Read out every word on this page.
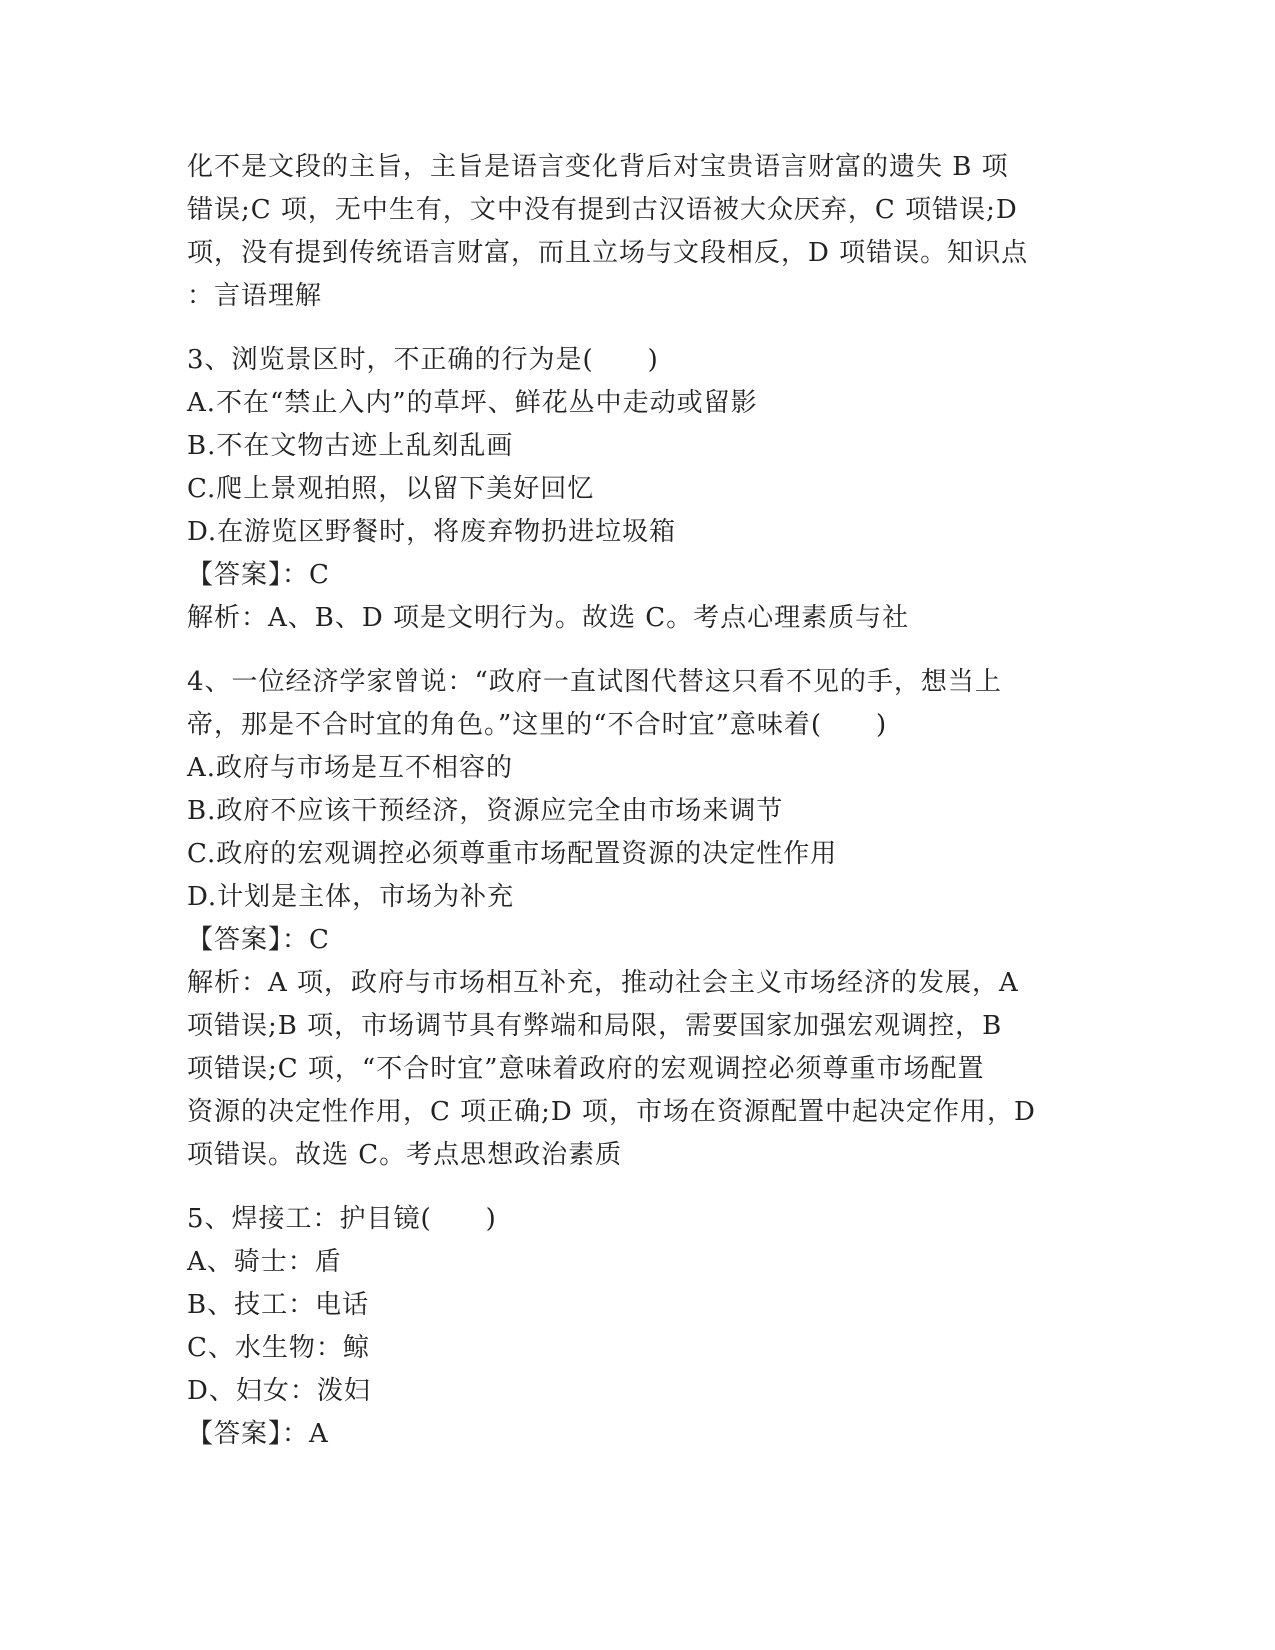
化不是文段的主旨，主旨是语言变化背后对宝贵语言财富的遗失 B 项
错误;C 项，无中生有，文中没有提到古汉语被大众厌弃，C 项错误;D
项，没有提到传统语言财富，而且立场与文段相反，D 项错误。知识点
：言语理解
3、浏览景区时，不正确的行为是(　　)
A.不在“禁止入内”的草坪、鲜花丛中走动或留影
B.不在文物古迹上乱刻乱画
C.爬上景观拍照，以留下美好回忆
D.在游览区野餐时，将废弃物扔进垃圾箱
【答案】：C
解析：A、B、D 项是文明行为。故选 C。考点心理素质与社
4、一位经济学家曾说：“政府一直试图代替这只看不见的手，想当上
帝，那是不合时宜的角色。”这里的“不合时宜”意味着(　　)
A.政府与市场是互不相容的
B.政府不应该干预经济，资源应完全由市场来调节
C.政府的宏观调控必须尊重市场配置资源的决定性作用
D.计划是主体，市场为补充
【答案】：C
解析：A 项，政府与市场相互补充，推动社会主义市场经济的发展，A
项错误;B 项，市场调节具有弊端和局限，需要国家加强宏观调控，B
项错误;C 项，“不合时宜”意味着政府的宏观调控必须尊重市场配置
资源的决定性作用，C 项正确;D 项，市场在资源配置中起决定作用，D
项错误。故选 C。考点思想政治素质
5、焊接工：护目镜(　　)
A、骑士：盾
B、技工：电话
C、水生物：鲸
D、妇女：泼妇
【答案】：A
